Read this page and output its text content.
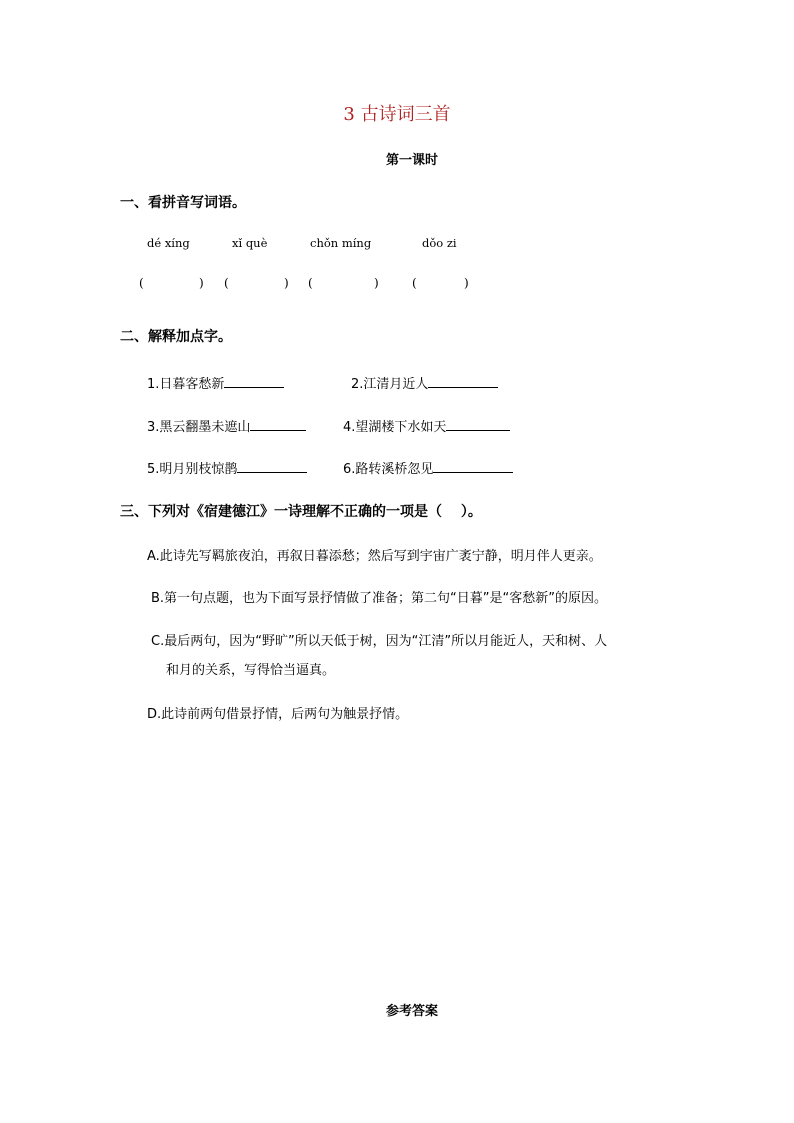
3 古诗词三首
第一课时
一、看拼音写词语。
dé xíng	xǐ què	chǒn míng	dǒo zi
(	) (	) (	)	(	)
二、解释加点字。
1.日暮客愁新	2.江清月近人
3.黑云翻墨未遮山	4.望湖楼下水如天
5.明月别枝惊鹊	6.路转溪桥忽见
三、下列对《宿建德江》一诗理解不正确的一项是（　 ）。
A.此诗先写羁旅夜泊，再叙日暮添愁；然后写到宇宙广袤宁静，明月伴人更亲。
B.第一句点题，也为下面写景抒情做了准备；第二句“日暮”是“客愁新”的原因。
C.最后两句，因为“野旷”所以天低于树，因为“江清”所以月能近人，天和树、人
和月的关系，写得恰当逼真。
D.此诗前两句借景抒情，后两句为触景抒情。
参考答案
